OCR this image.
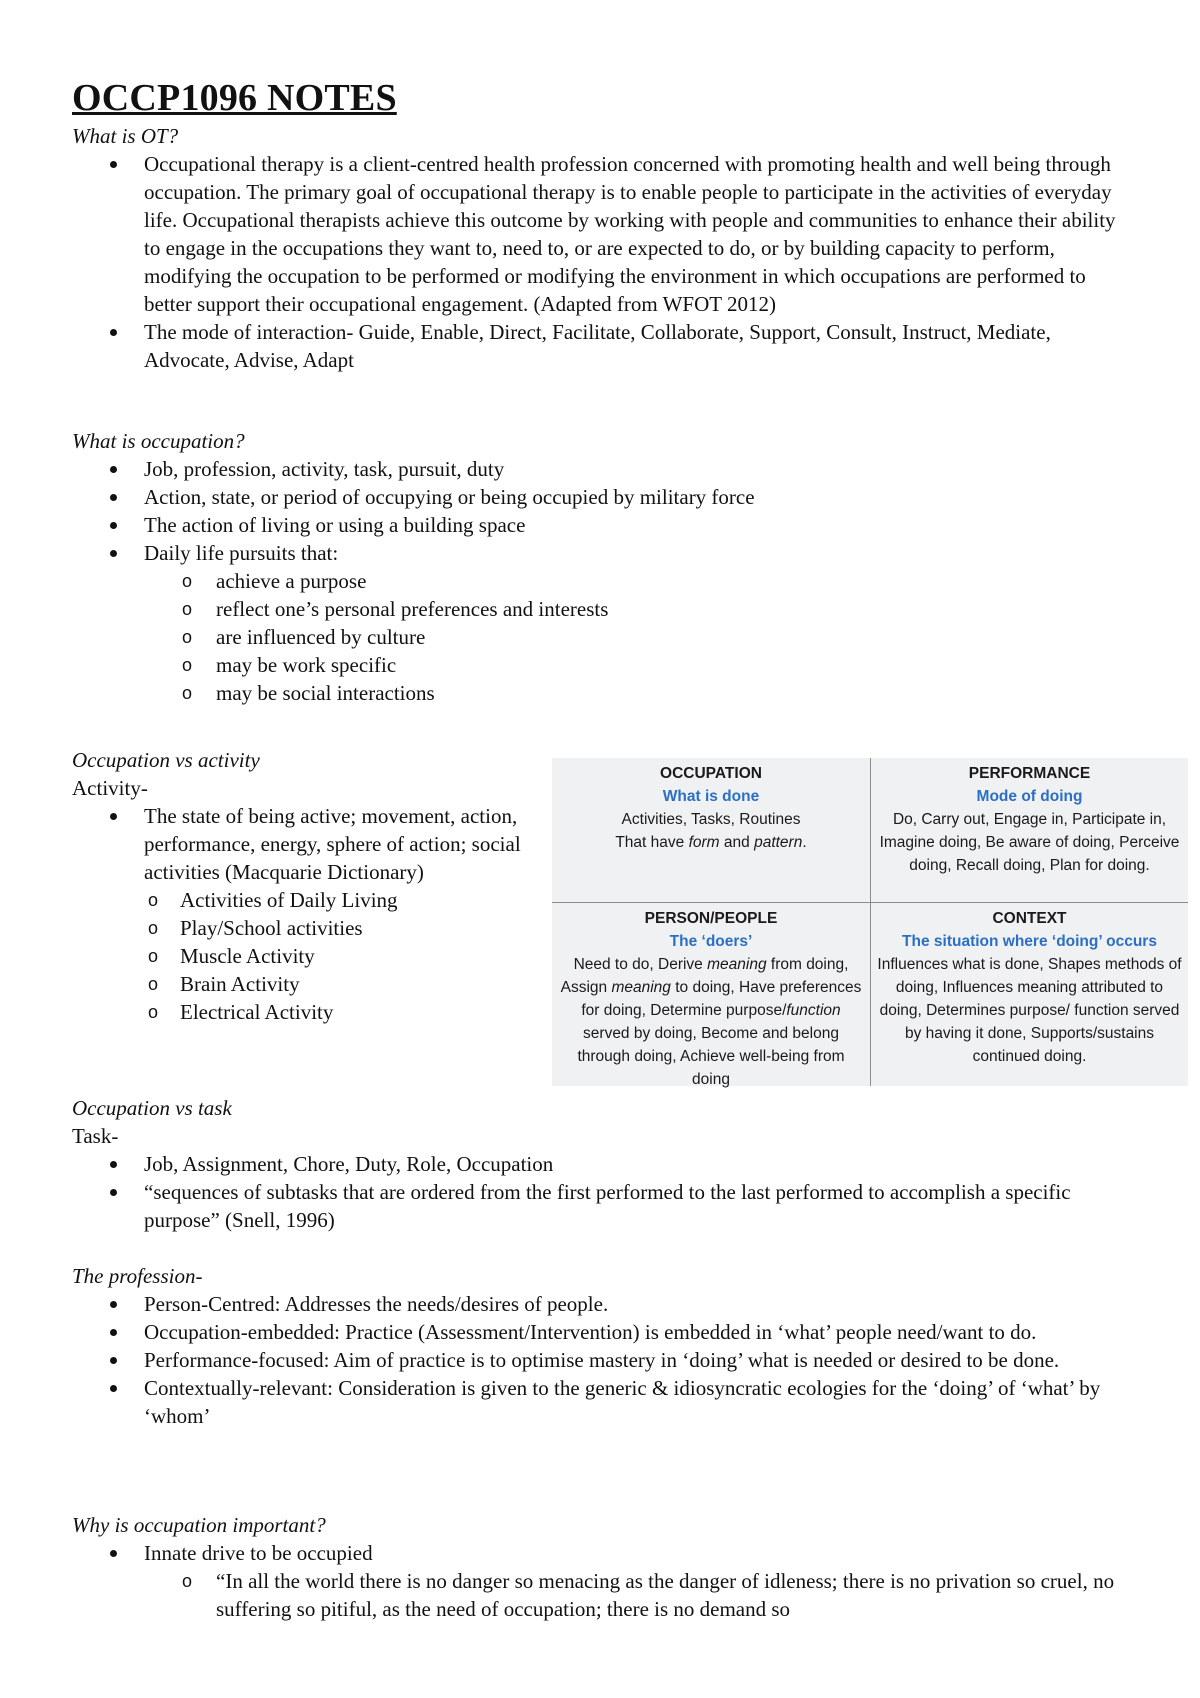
OCCP1096 NOTES

What is OT?

Occupational therapy is a client-centred health profession concerned with promoting health and well being through occupation. The primary goal of occupational therapy is to enable people to participate in the activities of everyday life. Occupational therapists achieve this outcome by working with people and communities to enhance their ability to engage in the occupations they want to, need to, or are expected to do, or by building capacity to perform, modifying the occupation to be performed or modifying the environment in which occupations are performed to better support their occupational engagement. (Adapted from WFOT 2012)
The mode of interaction- Guide, Enable, Direct, Facilitate, Collaborate, Support, Consult, Instruct, Mediate, Advocate, Advise, Adapt

What is occupation?

Job, profession, activity, task, pursuit, duty
Action, state, or period of occupying or being occupied by military force
The action of living or using a building space
Daily life pursuits that:
o achieve a purpose
o reflect one’s personal preferences and interests
o are influenced by culture
o may be work specific
o may be social interactions

Occupation vs activity

Activity-

The state of being active; movement, action, performance, energy, sphere of action; social activities (Macquarie Dictionary)
o Activities of Daily Living
o Play/School activities
o Muscle Activity
o Brain Activity
o Electrical Activity
OCCUPATION
What is done
Activities, Tasks, Routines
That have form and pattern.
PERFORMANCE
Mode of doing
Do, Carry out, Engage in, Participate in, Imagine doing, Be aware of doing, Perceive doing, Recall doing, Plan for doing.
PERSON/PEOPLE
The ‘doers’
Need to do, Derive meaning from doing, Assign meaning to doing, Have preferences for doing, Determine purpose/function served by doing, Become and belong through doing, Achieve well-being from doing
CONTEXT
The situation where ‘doing’ occurs
Influences what is done, Shapes methods of doing, Influences meaning attributed to doing, Determines purpose/ function served by having it done, Supports/sustains continued doing.

Occupation vs task

Task-

Job, Assignment, Chore, Duty, Role, Occupation
“sequences of subtasks that are ordered from the first performed to the last performed to accomplish a specific purpose” (Snell, 1996)

The profession-

Person-Centred: Addresses the needs/desires of people.
Occupation-embedded: Practice (Assessment/Intervention) is embedded in ‘what’ people need/want to do.
Performance-focused: Aim of practice is to optimise mastery in ‘doing’ what is needed or desired to be done.
Contextually-relevant: Consideration is given to the generic & idiosyncratic ecologies for the ‘doing’ of ‘what’ by ‘whom’

Why is occupation important?

Innate drive to be occupied
o “In all the world there is no danger so menacing as the danger of idleness; there is no privation so cruel, no suffering so pitiful, as the need of occupation; there is no demand so
